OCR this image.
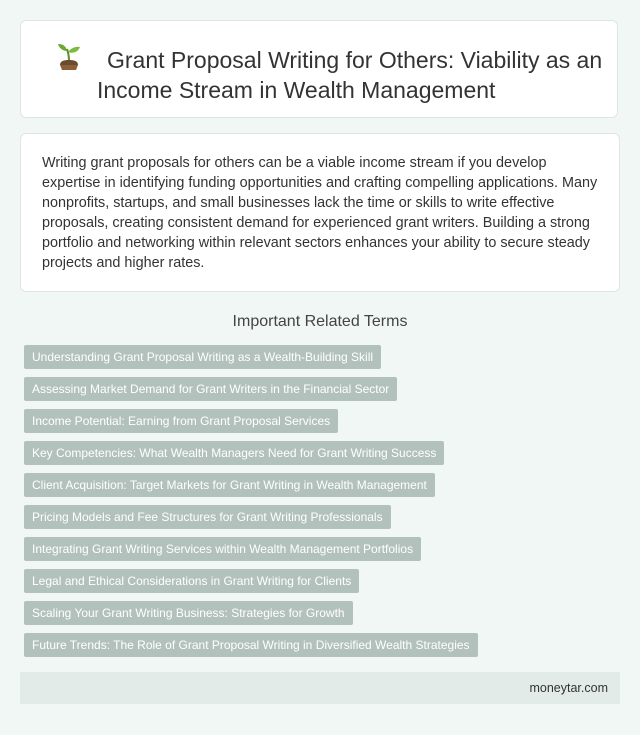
Grant Proposal Writing for Others: Viability as an Income Stream in Wealth Management

Writing grant proposals for others can be a viable income stream if you develop expertise in identifying funding opportunities and crafting compelling applications. Many nonprofits, startups, and small businesses lack the time or skills to write effective proposals, creating consistent demand for experienced grant writers. Building a strong portfolio and networking within relevant sectors enhances your ability to secure steady projects and higher rates.

Important Related Terms
Understanding Grant Proposal Writing as a Wealth-Building Skill
Assessing Market Demand for Grant Writers in the Financial Sector
Income Potential: Earning from Grant Proposal Services
Key Competencies: What Wealth Managers Need for Grant Writing Success
Client Acquisition: Target Markets for Grant Writing in Wealth Management
Pricing Models and Fee Structures for Grant Writing Professionals
Integrating Grant Writing Services within Wealth Management Portfolios
Legal and Ethical Considerations in Grant Writing for Clients
Scaling Your Grant Writing Business: Strategies for Growth
Future Trends: The Role of Grant Proposal Writing in Diversified Wealth Strategies
moneytar.com
